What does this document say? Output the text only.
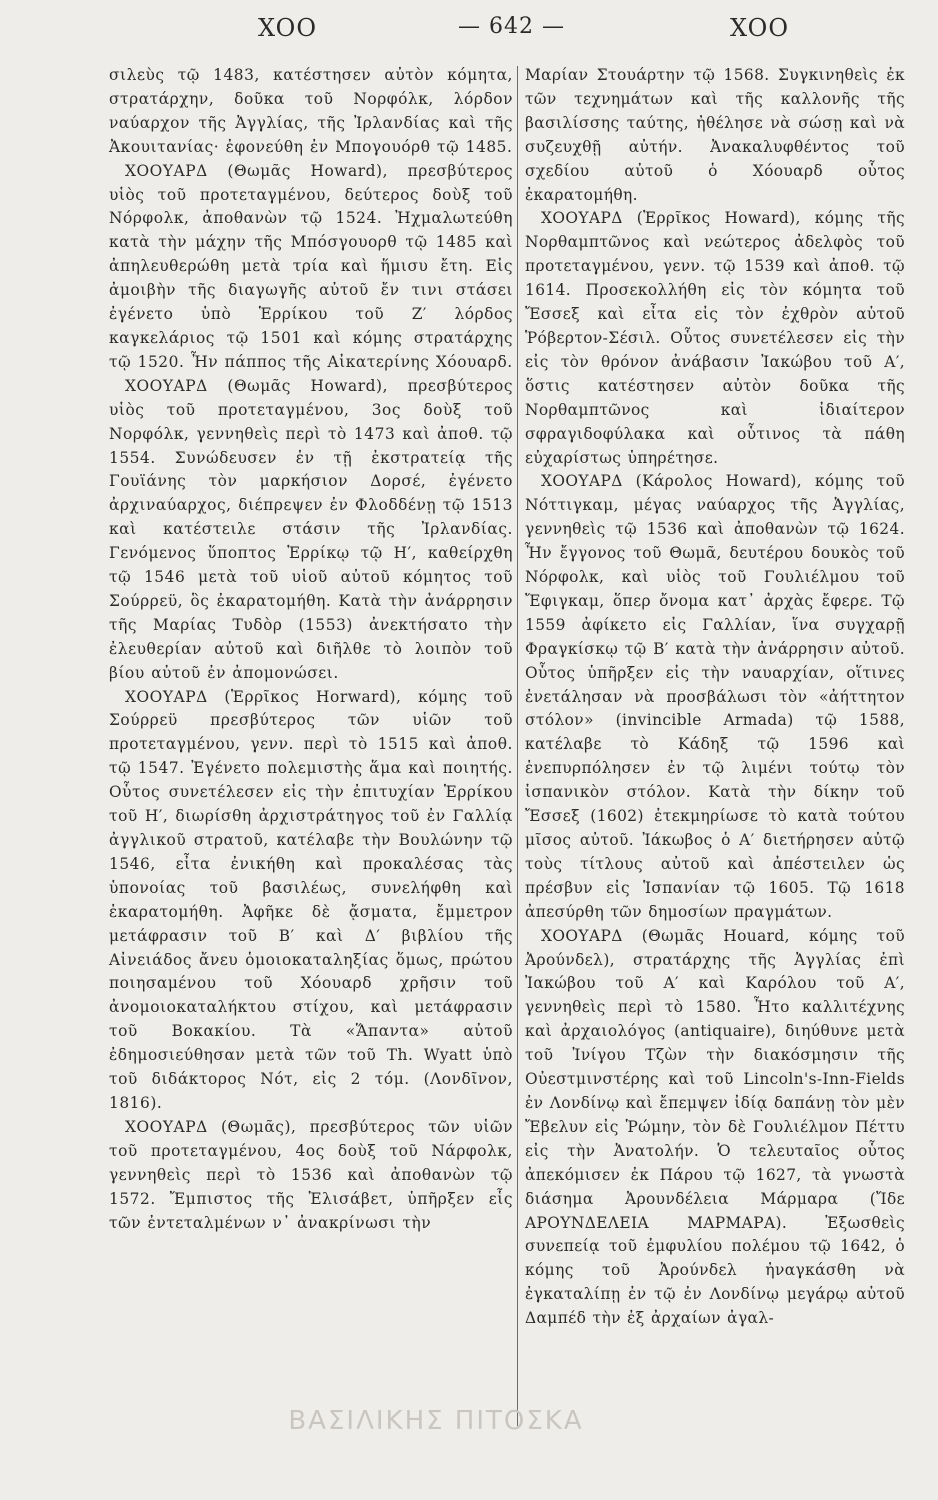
XOO	— 642 —	XOO

σιλεὺς τῷ 1483, κατέστησεν αὐτὸν κόμητα, στρατάρχην, δοῦκα τοῦ Νορφόλκ, λόρδον ναύαρχον τῆς Ἀγγλίας, τῆς Ἰρλανδίας καὶ τῆς Ἀκουιτανίας· ἐφονεύθη ἐν Μπογουόρθ τῷ 1485.

ΧΟΟΥΑΡΔ (Θωμᾶς Howard), πρεσβύτερος υἱὸς τοῦ προτεταγμένου, δεύτερος δοὺξ τοῦ Νόρφολκ, ἀποθανὼν τῷ 1524. Ἠχμαλωτεύθη κατὰ τὴν μάχην τῆς Μπόσγουορθ τῷ 1485 καὶ ἀπηλευθερώθη μετὰ τρία καὶ ἥμισυ ἔτη. Εἰς ἀμοιβὴν τῆς διαγωγῆς αὐτοῦ ἔν τινι στάσει ἐγένετο ὑπὸ Ἑρρίκου τοῦ Ζ′ λόρδος καγκελάριος τῷ 1501 καὶ κόμης στρατάρχης τῷ 1520. Ἦν πάππος τῆς Αἰκατερίνης Χόουαρδ.

ΧΟΟΥΑΡΔ (Θωμᾶς Howard), πρεσβύτερος υἱὸς τοῦ προτεταγμένου, 3ος δοὺξ τοῦ Νορφόλκ, γεννηθεὶς περὶ τὸ 1473 καὶ ἀποθ. τῷ 1554. Συνώδευσεν ἐν τῇ ἐκστρατείᾳ τῆς Γουϊάνης τὸν μαρκήσιον Δορσέ, ἐγένετο ἀρχιναύαρχος, διέπρεψεν ἐν Φλοδδένῃ τῷ 1513 καὶ κατέστειλε στάσιν τῆς Ἰρλανδίας. Γενόμενος ὕποπτος Ἑρρίκῳ τῷ Η′, καθείρχθη τῷ 1546 μετὰ τοῦ υἱοῦ αὐτοῦ κόμητος τοῦ Σούρρεϋ, ὃς ἐκαρατομήθη. Κατὰ τὴν ἀνάρρησιν τῆς Μαρίας Τυδὸρ (1553) ἀνεκτήσατο τὴν ἐλευθερίαν αὐτοῦ καὶ διῆλθε τὸ λοιπὸν τοῦ βίου αὐτοῦ ἐν ἀπομονώσει.

ΧΟΟΥΑΡΔ (Ἑρρῖκος Horward), κόμης τοῦ Σούρρεϋ πρεσβύτερος τῶν υἱῶν τοῦ προτεταγμένου, γενν. περὶ τὸ 1515 καὶ ἀποθ. τῷ 1547. Ἐγένετο πολεμιστὴς ἅμα καὶ ποιητής. Οὗτος συνετέλεσεν εἰς τὴν ἐπιτυχίαν Ἑρρίκου τοῦ Η′, διωρίσθη ἀρχιστράτηγος τοῦ ἐν Γαλλίᾳ ἀγγλικοῦ στρατοῦ, κατέλαβε τὴν Βουλώνην τῷ 1546, εἶτα ἐνικήθη καὶ προκαλέσας τὰς ὑπονοίας τοῦ βασιλέως, συνελήφθη καὶ ἐκαρατομήθη. Ἀφῆκε δὲ ᾄσματα, ἔμμετρον μετάφρασιν τοῦ Β′ καὶ Δ′ βιβλίου τῆς Αἰνειάδος ἄνευ ὁμοιοκαταληξίας ὅμως, πρώτου ποιησαμένου τοῦ Χόουαρδ χρῆσιν τοῦ ἀνομοιοκαταλήκτου στίχου, καὶ μετάφρασιν τοῦ Βοκακίου. Τὰ «Ἅπαντα» αὐτοῦ ἐδημοσιεύθησαν μετὰ τῶν τοῦ Th. Wyatt ὑπὸ τοῦ διδάκτορος Νότ, εἰς 2 τόμ. (Λονδῖνον, 1816).

ΧΟΟΥΑΡΔ (Θωμᾶς), πρεσβύτερος τῶν υἱῶν τοῦ προτεταγμένου, 4ος δοὺξ τοῦ Νάρφολκ, γεννηθεὶς περὶ τὸ 1536 καὶ ἀποθανὼν τῷ 1572. Ἔμπιστος τῆς Ἐλισάβετ, ὑπῆρξεν εἷς τῶν ἐντεταλμένων ν᾿ ἀνακρίνωσι τὴν

Μαρίαν Στουάρτην τῷ 1568. Συγκινηθεὶς ἐκ τῶν τεχνημάτων καὶ τῆς καλλονῆς τῆς βασιλίσσης ταύτης, ἠθέλησε νὰ σώσῃ καὶ νὰ συζευχθῇ αὐτήν. Ἀνακαλυφθέντος τοῦ σχεδίου αὐτοῦ ὁ Χόουαρδ οὗτος ἐκαρατομήθη.

ΧΟΟΥΑΡΔ (Ἑρρῖκος Howard), κόμης τῆς Νορθαμπτῶνος καὶ νεώτερος ἀδελφὸς τοῦ προτεταγμένου, γενν. τῷ 1539 καὶ ἀποθ. τῷ 1614. Προσεκολλήθη εἰς τὸν κόμητα τοῦ Ἔσσεξ καὶ εἶτα εἰς τὸν ἐχθρὸν αὐτοῦ Ῥόβερτον-Σέσιλ. Οὗτος συνετέλεσεν εἰς τὴν εἰς τὸν θρόνον ἀνάβασιν Ἰακώβου τοῦ Α′, ὅστις κατέστησεν αὐτὸν δοῦκα τῆς Νορθαμπτῶνος καὶ ἰδιαίτερον σφραγιδοφύλακα καὶ οὗτινος τὰ πάθη εὐχαρίστως ὑπηρέτησε.

ΧΟΟΥΑΡΔ (Κάρολος Howard), κόμης τοῦ Νόττιγκαμ, μέγας ναύαρχος τῆς Ἀγγλίας, γεννηθεὶς τῷ 1536 καὶ ἀποθανὼν τῷ 1624. Ἦν ἔγγονος τοῦ Θωμᾶ, δευτέρου δουκὸς τοῦ Νόρφολκ, καὶ υἱὸς τοῦ Γουλιέλμου τοῦ Ἔφιγκαμ, ὅπερ ὄνομα κατ᾿ ἀρχὰς ἔφερε. Τῷ 1559 ἀφίκετο εἰς Γαλλίαν, ἵνα συγχαρῇ Φραγκίσκῳ τῷ Β′ κατὰ τὴν ἀνάρρησιν αὐτοῦ. Οὗτος ὑπῆρξεν εἰς τὴν ναυαρχίαν, οἵτινες ἐνετάλησαν νὰ προσβάλωσι τὸν «ἀήττητον στόλον» (invincible Armada) τῷ 1588, κατέλαβε τὸ Κάδηξ τῷ 1596 καὶ ἐνεπυρπόλησεν ἐν τῷ λιμένι τούτῳ τὸν ἱσπανικὸν στόλον. Κατὰ τὴν δίκην τοῦ Ἔσσεξ (1602) ἐτεκμηρίωσε τὸ κατὰ τούτου μῖσος αὐτοῦ. Ἰάκωβος ὁ Α′ διετήρησεν αὐτῷ τοὺς τίτλους αὐτοῦ καὶ ἀπέστειλεν ὡς πρέσβυν εἰς Ἱσπανίαν τῷ 1605. Τῷ 1618 ἀπεσύρθη τῶν δημοσίων πραγμάτων.

ΧΟΟΥΑΡΔ (Θωμᾶς Houard, κόμης τοῦ Ἀρούνδελ), στρατάρχης τῆς Ἀγγλίας ἐπὶ Ἰακώβου τοῦ Α′ καὶ Καρόλου τοῦ Α′, γεννηθεὶς περὶ τὸ 1580. Ἦτο καλλιτέχνης καὶ ἀρχαιολόγος (antiquaire), διηύθυνε μετὰ τοῦ Ἰνίγου Τζὼν τὴν διακόσμησιν τῆς Οὐεστμινστέρης καὶ τοῦ Lincoln's-Inn-Fields ἐν Λονδίνῳ καὶ ἔπεμψεν ἰδίᾳ δαπάνῃ τὸν μὲν Ἔβελυν εἰς Ῥώμην, τὸν δὲ Γουλιέλμον Πέττυ εἰς τὴν Ἀνατολήν. Ὁ τελευταῖος οὗτος ἀπεκόμισεν ἐκ Πάρου τῷ 1627, τὰ γνωστὰ διάσημα Ἀρουνδέλεια Μάρμαρα (Ἴδε ΑΡΟΥΝΔΕΛΕΙΑ ΜΑΡΜΑΡΑ). Ἐξωσθεὶς συνεπείᾳ τοῦ ἐμφυλίου πολέμου τῷ 1642, ὁ κόμης τοῦ Ἀρούνδελ ἠναγκάσθη νὰ ἐγκαταλίπῃ ἐν τῷ ἐν Λονδίνῳ μεγάρῳ αὐτοῦ Δαμπέδ τὴν ἐξ ἀρχαίων ἀγαλ-

ΒΑΣΙΛΙΚΗΣ ΠΙΤΟΣΚΑ
